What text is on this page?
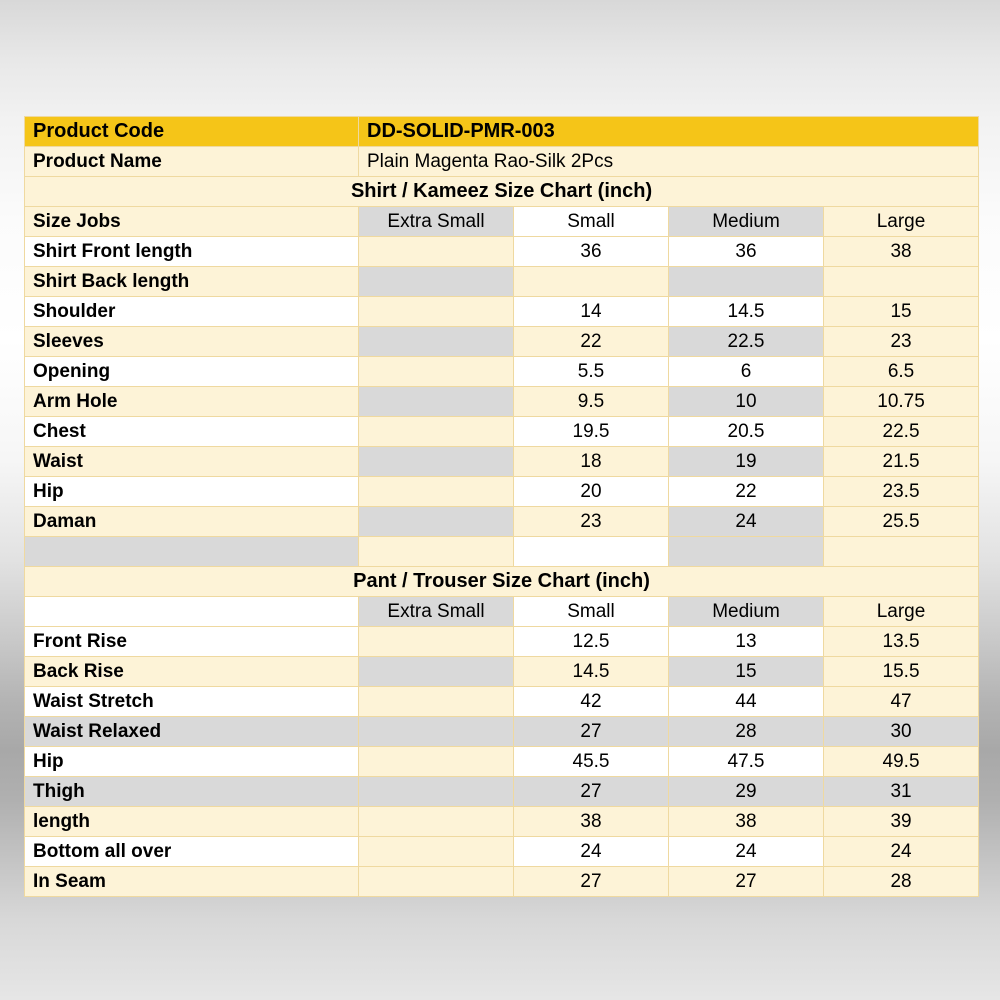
Product Code	DD-SOLID-PMR-003			
Product Name	Plain Magenta Rao-Silk 2Pcs			
Shirt / Kameez Size Chart (inch)				
Size Jobs	Extra Small	Small	Medium	Large
Shirt Front length		36	36	38
Shirt Back length				
Shoulder		14	14.5	15
Sleeves		22	22.5	23
Opening		5.5	6	6.5
Arm Hole		9.5	10	10.75
Chest		19.5	20.5	22.5
Waist		18	19	21.5
Hip		20	22	23.5
Daman		23	24	25.5

Pant / Trouser Size Chart (inch)				
	Extra Small	Small	Medium	Large
Front Rise		12.5	13	13.5
Back Rise		14.5	15	15.5
Waist Stretch		42	44	47
Waist Relaxed		27	28	30
Hip		45.5	47.5	49.5
Thigh		27	29	31
length		38	38	39
Bottom all over		24	24	24
In Seam		27	27	28
